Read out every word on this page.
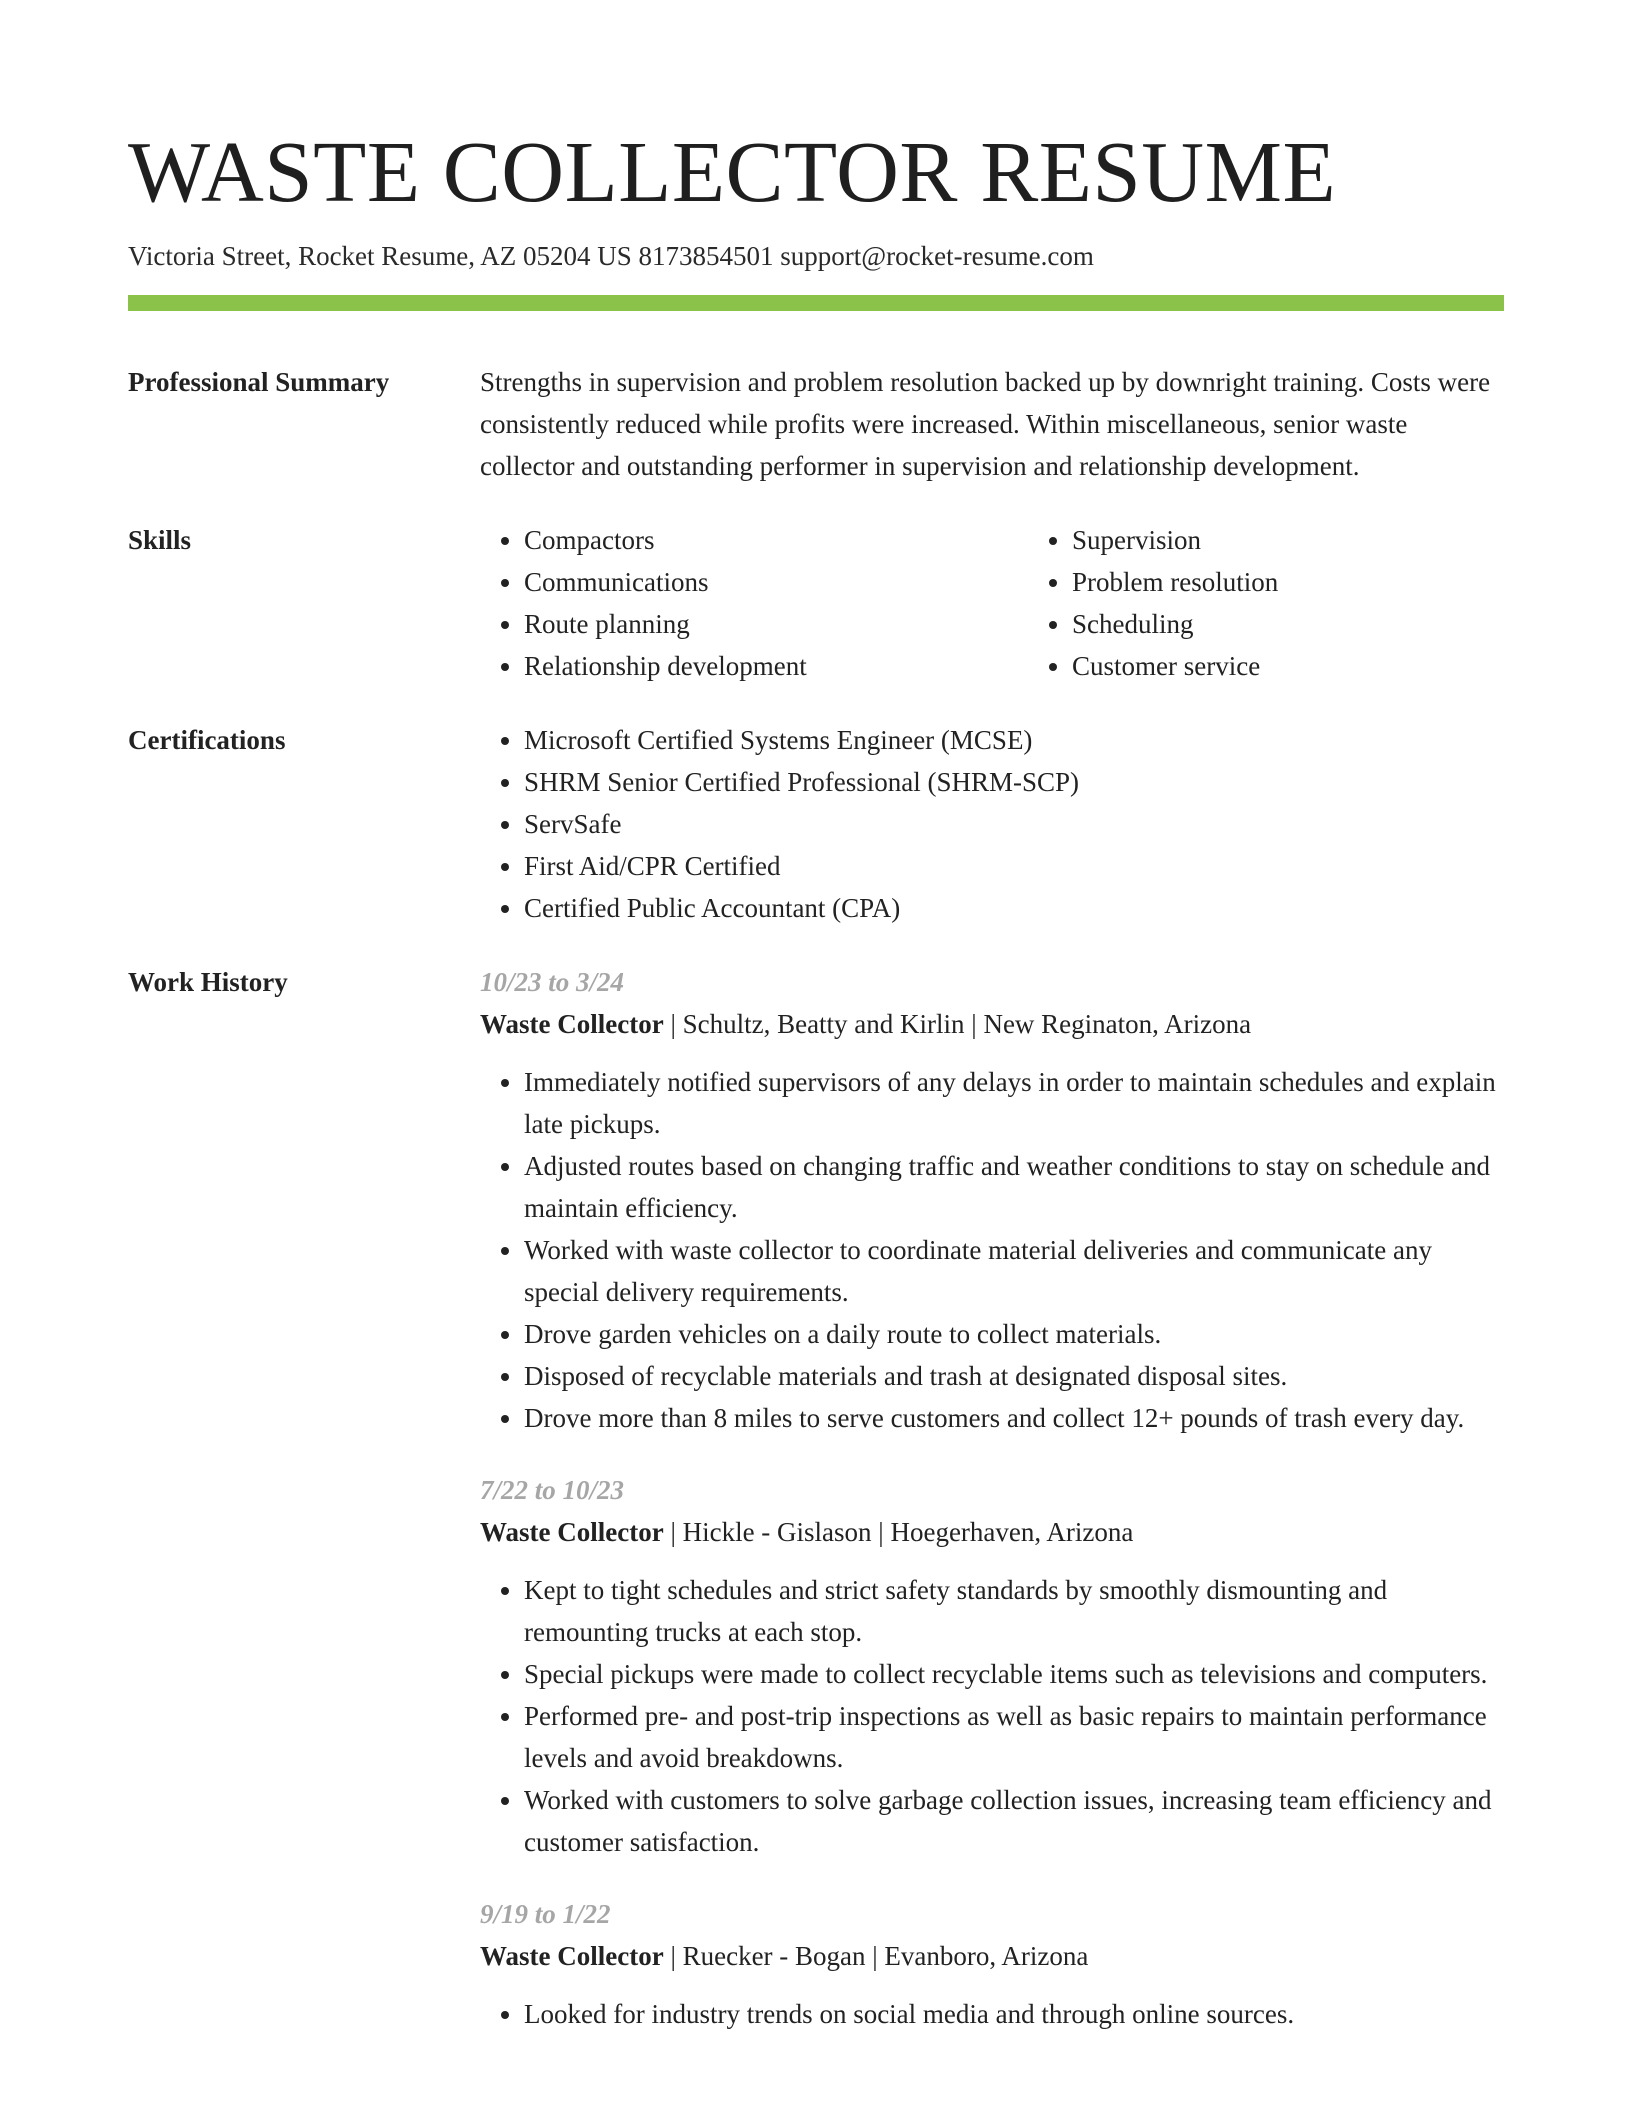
WASTE COLLECTOR RESUME
Victoria Street, Rocket Resume, AZ 05204 US 8173854501 support@rocket-resume.com
Professional Summary	Strengths in supervision and problem resolution backed up by downright training. Costs were consistently reduced while profits were increased. Within miscellaneous, senior waste collector and outstanding performer in supervision and relationship development.
Skills	• Compactors
• Communications
• Route planning
• Relationship development
• Supervision
• Problem resolution
• Scheduling
• Customer service
Certifications	• Microsoft Certified Systems Engineer (MCSE)
• SHRM Senior Certified Professional (SHRM-SCP)
• ServSafe
• First Aid/CPR Certified
• Certified Public Accountant (CPA)
Work History	10/23 to 3/24
Waste Collector | Schultz, Beatty and Kirlin | New Reginaton, Arizona
• Immediately notified supervisors of any delays in order to maintain schedules and explain late pickups.
• Adjusted routes based on changing traffic and weather conditions to stay on schedule and maintain efficiency.
• Worked with waste collector to coordinate material deliveries and communicate any special delivery requirements.
• Drove garden vehicles on a daily route to collect materials.
• Disposed of recyclable materials and trash at designated disposal sites.
• Drove more than 8 miles to serve customers and collect 12+ pounds of trash every day.
7/22 to 10/23
Waste Collector | Hickle - Gislason | Hoegerhaven, Arizona
• Kept to tight schedules and strict safety standards by smoothly dismounting and remounting trucks at each stop.
• Special pickups were made to collect recyclable items such as televisions and computers.
• Performed pre- and post-trip inspections as well as basic repairs to maintain performance levels and avoid breakdowns.
• Worked with customers to solve garbage collection issues, increasing team efficiency and customer satisfaction.
9/19 to 1/22
Waste Collector | Ruecker - Bogan | Evanboro, Arizona
• Looked for industry trends on social media and through online sources.
